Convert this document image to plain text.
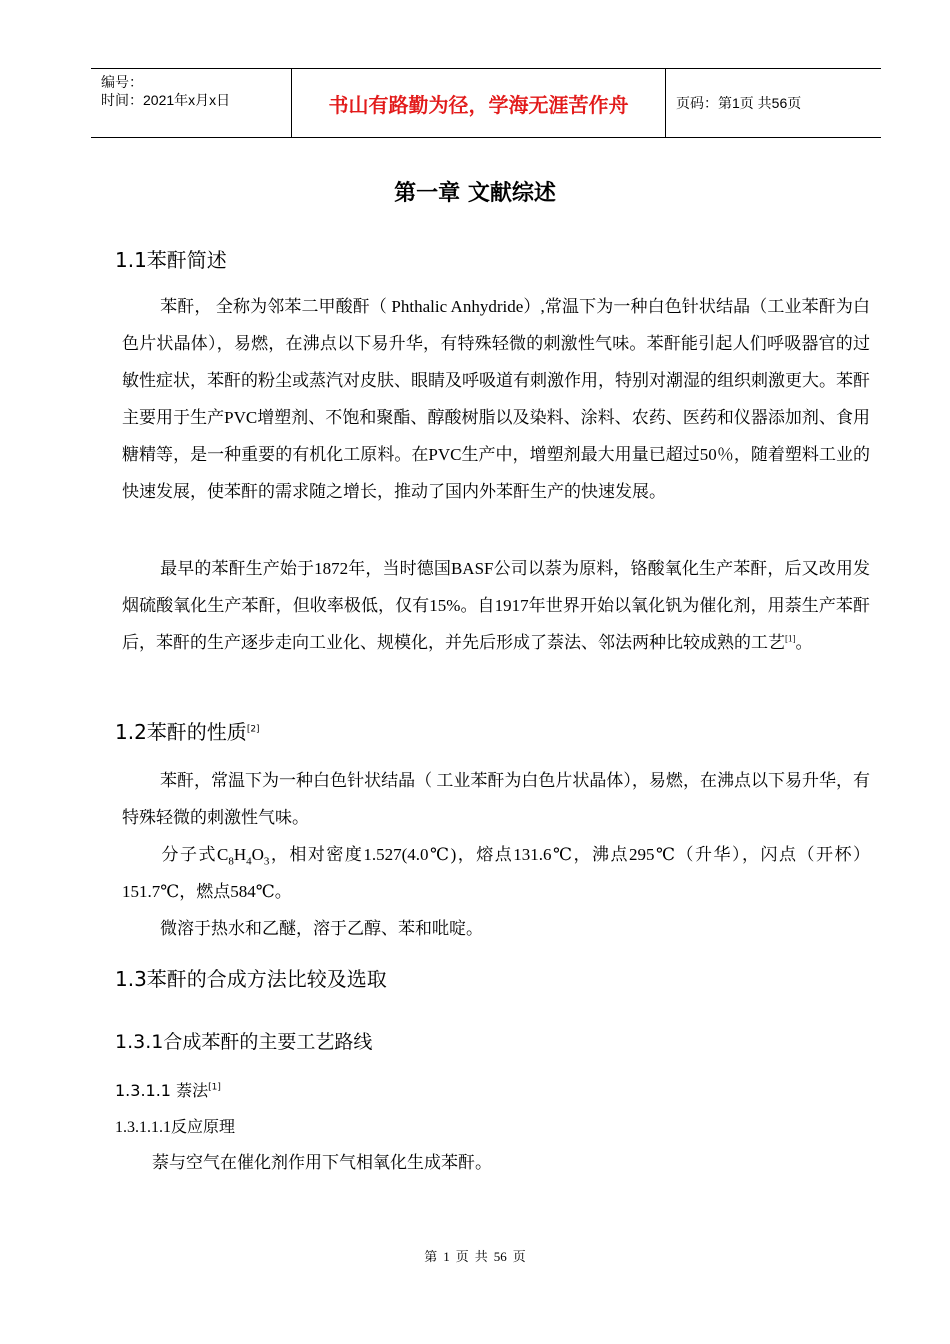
编号：
时间：2021年x月x日	书山有路勤为径，学海无涯苦作舟	页码：第1页 共56页
第一章 文献综述
1.1苯酐简述
苯酐， 全称为邻苯二甲酸酐（ Phthalic Anhydride）,常温下为一种白色针状结晶（工业苯酐为白色片状晶体），易燃，在沸点以下易升华，有特殊轻微的刺激性气味。苯酐能引起人们呼吸器官的过敏性症状，苯酐的粉尘或蒸汽对皮肤、眼睛及呼吸道有刺激作用，特别对潮湿的组织刺激更大。苯酐主要用于生产PVC增塑剂、不饱和聚酯、醇酸树脂以及染料、涂料、农药、医药和仪器添加剂、食用糖精等，是一种重要的有机化工原料。在PVC生产中，增塑剂最大用量已超过50％，随着塑料工业的快速发展，使苯酐的需求随之增长，推动了国内外苯酐生产的快速发展。
最早的苯酐生产始于1872年，当时德国BASF公司以萘为原料，铬酸氧化生产苯酐，后又改用发烟硫酸氧化生产苯酐，但收率极低，仅有15%。自1917年世界开始以氧化钒为催化剂，用萘生产苯酐后，苯酐的生产逐步走向工业化、规模化，并先后形成了萘法、邻法两种比较成熟的工艺[1]。
1.2苯酐的性质[2]
苯酐，常温下为一种白色针状结晶（ 工业苯酐为白色片状晶体），易燃，在沸点以下易升华，有特殊轻微的刺激性气味。
分子式$C_8H_4O_3$，相对密度1.527(4.0℃)，熔点131.6℃，沸点295℃（升华），闪点（开杯）151.7℃，燃点584℃。
微溶于热水和乙醚，溶于乙醇、苯和吡啶。
1.3苯酐的合成方法比较及选取
1.3.1合成苯酐的主要工艺路线
1.3.1.1 萘法[1]
1.3.1.1.1反应原理
萘与空气在催化剂作用下气相氧化生成苯酐。
第 1 页 共 56 页
